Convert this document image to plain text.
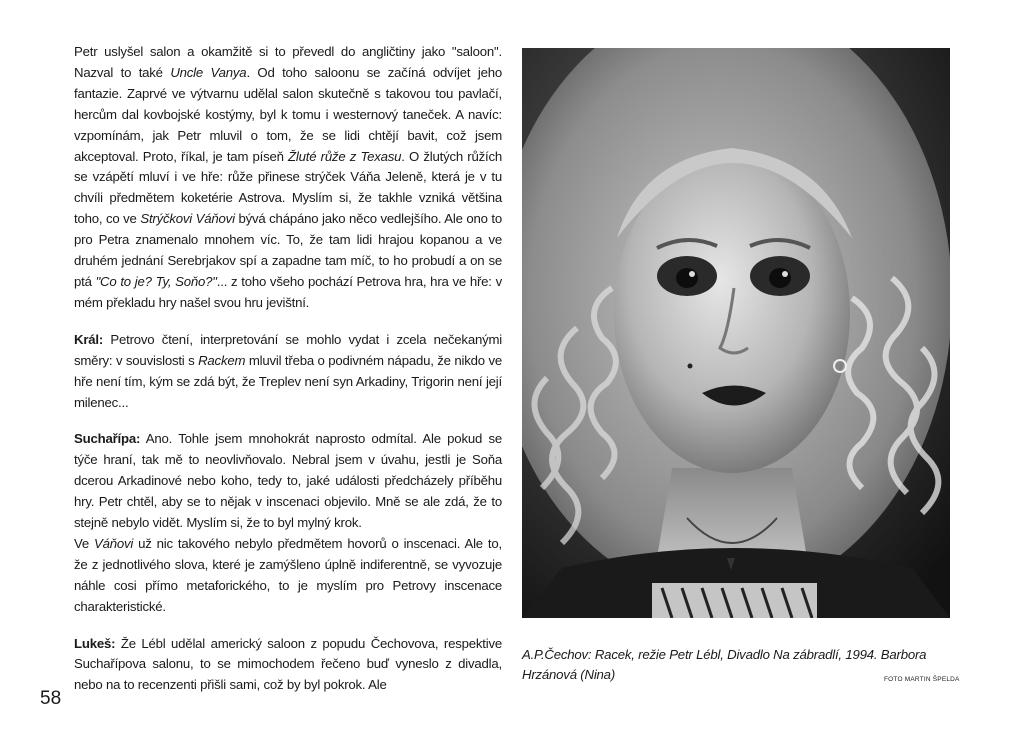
Petr uslyšel salon a okamžitě si to převedl do angličtiny jako "saloon". Nazval to také Uncle Vanya. Od toho saloonu se začíná odvíjet jeho fantazie. Zaprvé ve výtvarnu udělal salon skutečně s takovou tou pavlačí, hercům dal kovbojské kostýmy, byl k tomu i westernový taneček. A navíc: vzpomínám, jak Petr mluvil o tom, že se lidi chtějí bavit, což jsem akceptoval. Proto, říkal, je tam píseň Žluté růže z Texasu. O žlutých růžích se vzápětí mluví i ve hře: růže přinese strýček Váňa Jeleně, která je v tu chvíli předmětem koketérie Astrova. Myslím si, že takhle vzniká většina toho, co ve Strýčkovi Váňovi bývá chápáno jako něco vedlejšího. Ale ono to pro Petra znamenalo mnohem víc. To, že tam lidi hrajou kopanou a ve druhém jednání Serebrjakov spí a zapadne tam míč, to ho probudí a on se ptá "Co to je? Ty, Soňo?"... z toho všeho pochází Petrova hra, hra ve hře: v mém překladu hry našel svou hru jevištní.

Král: Petrovo čtení, interpretování se mohlo vydat i zcela nečekanými směry: v souvislosti s Rackem mluvil třeba o podivném nápadu, že nikdo ve hře není tím, kým se zdá být, že Treplev není syn Arkadiny, Trigorin není její milenec...

Suchařípa: Ano. Tohle jsem mnohokrát naprosto odmítal. Ale pokud se týče hraní, tak mě to neovlivňovalo. Nebral jsem v úvahu, jestli je Soňa dcerou Arkadinové nebo koho, tedy to, jaké události předcházely příběhu hry. Petr chtěl, aby se to nějak v inscenaci objevilo. Mně se ale zdá, že to stejně nebylo vidět. Myslím si, že to byl mylný krok.

Ve Váňovi už nic takového nebylo předmětem hovorů o inscenaci. Ale to, že z jednotlivého slova, které je zamýšleno úplně indiferentně, se vyvozuje náhle cosi přímo metaforického, to je myslím pro Petrovy inscenace charakteristické.

Lukeš: Že Lébl udělal americký saloon z popudu Čechovova, respektive Suchařípova salonu, to se mimochodem řečeno buď vyneslo z divadla, nebo na to recenzenti přišli sami, což by byl pokrok. Ale

A.P.Čechov: Racek, režie Petr Lébl, Divadlo Na zábradlí, 1994. Barbora Hrzánová (Nina)	FOTO MARTIN ŠPELDA
58
